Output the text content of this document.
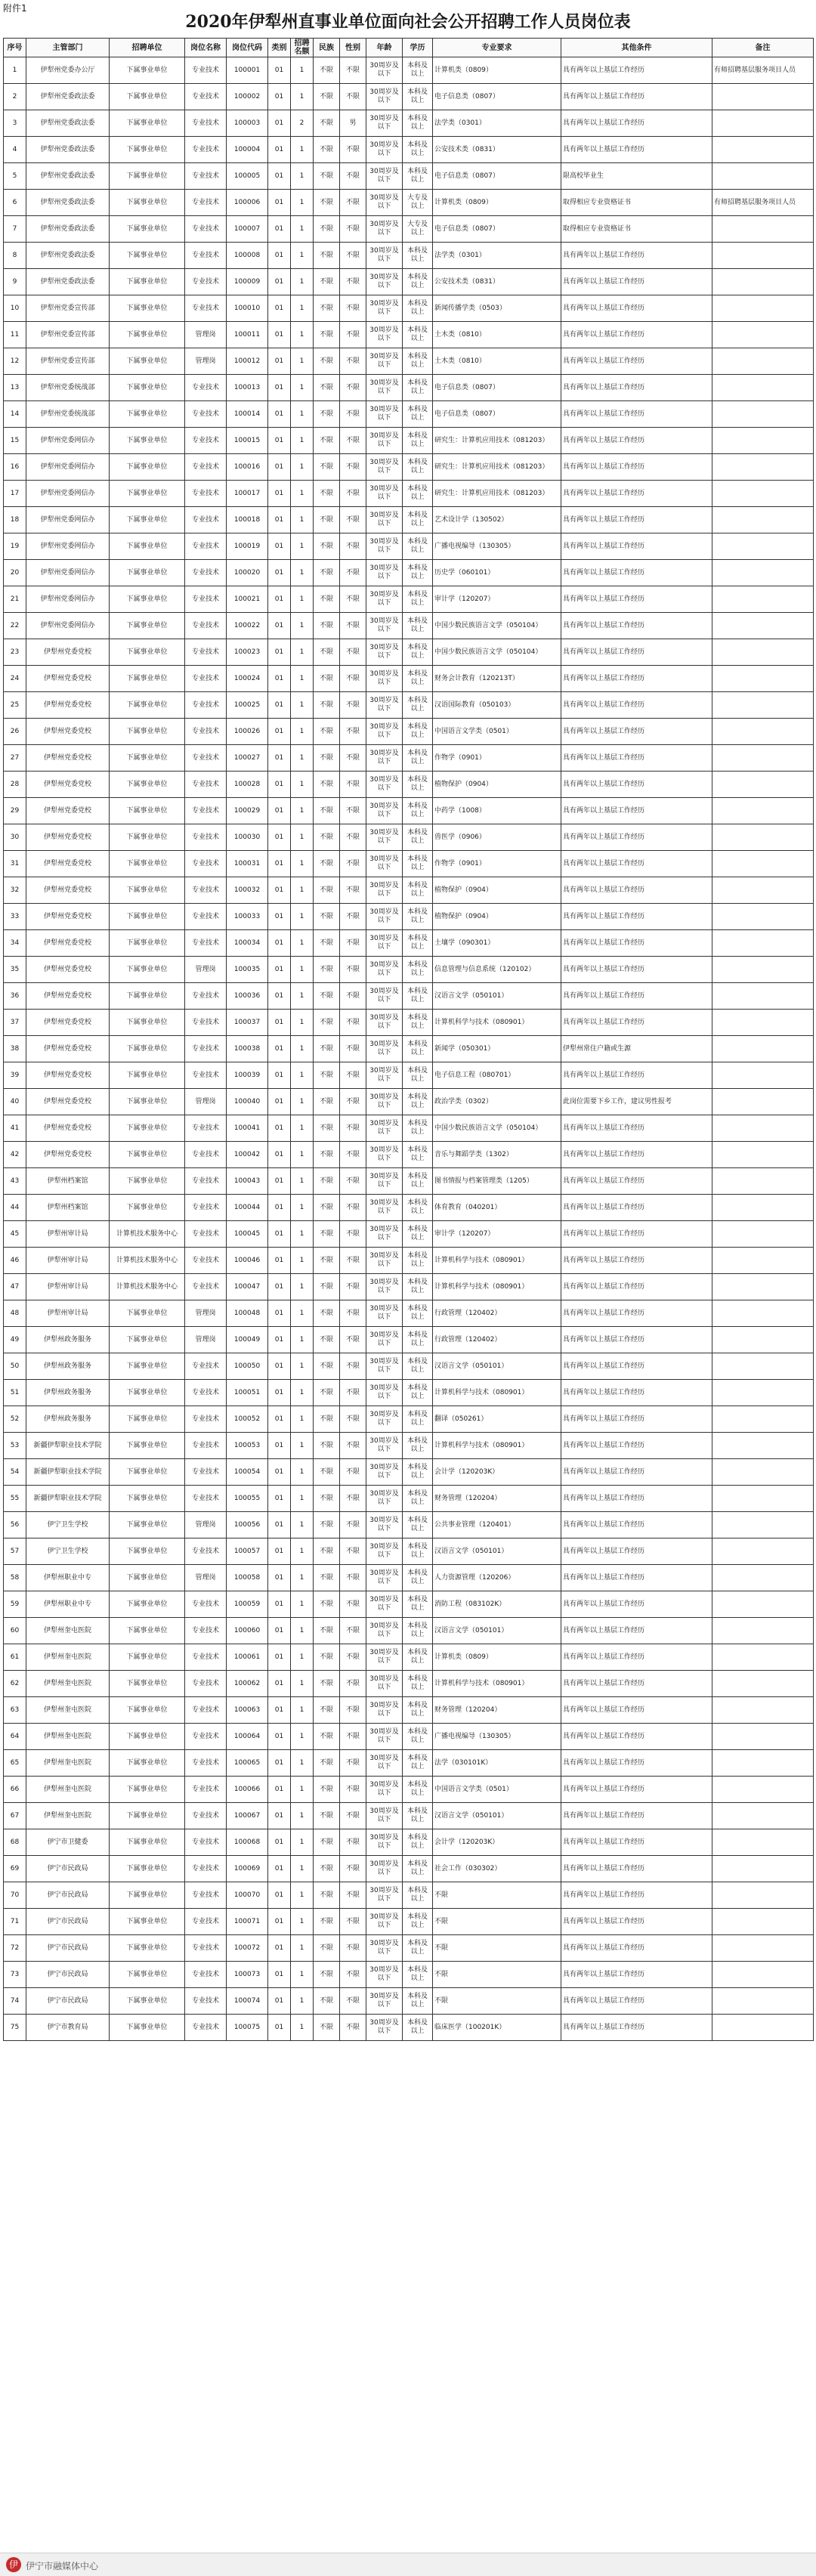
附件1
2020年伊犁州直事业单位面向社会公开招聘工作人员岗位表
序号	主管部门	招聘单位	岗位名称	岗位代码	类别	招聘名额	民族	性别	年龄	学历	专业要求	其他条件	备注
1	伊犁州党委办公厅	下属事业单位	专业技术	100001	01	1	不限	不限	30周岁及以下	本科及以上	计算机类（0809）	具有两年以上基层工作经历	有师招聘基层服务项目人员
2	伊犁州党委政法委	下属事业单位	专业技术	100002	01	1	不限	不限	30周岁及以下	本科及以上	电子信息类（0807）	具有两年以上基层工作经历	
3	伊犁州党委政法委	下属事业单位	专业技术	100003	01	2	不限	男	30周岁及以下	本科及以上	法学类（0301）	具有两年以上基层工作经历	
4	伊犁州党委政法委	下属事业单位	专业技术	100004	01	1	不限	不限	30周岁及以下	本科及以上	公安技术类（0831）	具有两年以上基层工作经历	
5	伊犁州党委政法委	下属事业单位	专业技术	100005	01	1	不限	不限	30周岁及以下	本科及以上	电子信息类（0807）	限高校毕业生	
6	伊犁州党委政法委	下属事业单位	专业技术	100006	01	1	不限	不限	30周岁及以下	大专及以上	计算机类（0809）	取得相应专业资格证书	有师招聘基层服务项目人员
7	伊犁州党委政法委	下属事业单位	专业技术	100007	01	1	不限	不限	30周岁及以下	大专及以上	电子信息类（0807）	取得相应专业资格证书	
8	伊犁州党委政法委	下属事业单位	专业技术	100008	01	1	不限	不限	30周岁及以下	本科及以上	法学类（0301）	具有两年以上基层工作经历	
9	伊犁州党委政法委	下属事业单位	专业技术	100009	01	1	不限	不限	30周岁及以下	本科及以上	公安技术类（0831）	具有两年以上基层工作经历	
10	伊犁州党委宣传部	下属事业单位	专业技术	100010	01	1	不限	不限	30周岁及以下	本科及以上	新闻传播学类（0503）	具有两年以上基层工作经历	
11	伊犁州党委宣传部	下属事业单位	管理岗	100011	01	1	不限	不限	30周岁及以下	本科及以上	土木类（0810）	具有两年以上基层工作经历	
12	伊犁州党委宣传部	下属事业单位	管理岗	100012	01	1	不限	不限	30周岁及以下	本科及以上	土木类（0810）	具有两年以上基层工作经历	
13	伊犁州党委统战部	下属事业单位	专业技术	100013	01	1	不限	不限	30周岁及以下	本科及以上	电子信息类（0807）	具有两年以上基层工作经历	
14	伊犁州党委统战部	下属事业单位	专业技术	100014	01	1	不限	不限	30周岁及以下	本科及以上	电子信息类（0807）	具有两年以上基层工作经历	
15	伊犁州党委网信办	下属事业单位	专业技术	100015	01	1	不限	不限	30周岁及以下	本科及以上	研究生：计算机应用技术（081203）	具有两年以上基层工作经历	
16	伊犁州党委网信办	下属事业单位	专业技术	100016	01	1	不限	不限	30周岁及以下	本科及以上	研究生：计算机应用技术（081203）	具有两年以上基层工作经历	
17	伊犁州党委网信办	下属事业单位	专业技术	100017	01	1	不限	不限	30周岁及以下	本科及以上	研究生：计算机应用技术（081203）	具有两年以上基层工作经历	
18	伊犁州党委网信办	下属事业单位	专业技术	100018	01	1	不限	不限	30周岁及以下	本科及以上	艺术设计学（130502）	具有两年以上基层工作经历	
19	伊犁州党委网信办	下属事业单位	专业技术	100019	01	1	不限	不限	30周岁及以下	本科及以上	广播电视编导（130305）	具有两年以上基层工作经历	
20	伊犁州党委网信办	下属事业单位	专业技术	100020	01	1	不限	不限	30周岁及以下	本科及以上	历史学（060101）	具有两年以上基层工作经历	
21	伊犁州党委网信办	下属事业单位	专业技术	100021	01	1	不限	不限	30周岁及以下	本科及以上	审计学（120207）	具有两年以上基层工作经历	
22	伊犁州党委网信办	下属事业单位	专业技术	100022	01	1	不限	不限	30周岁及以下	本科及以上	中国少数民族语言文学（050104）	具有两年以上基层工作经历	
23	伊犁州党委党校	下属事业单位	专业技术	100023	01	1	不限	不限	30周岁及以下	本科及以上	中国少数民族语言文学（050104）	具有两年以上基层工作经历	
24	伊犁州党委党校	下属事业单位	专业技术	100024	01	1	不限	不限	30周岁及以下	本科及以上	财务会计教育（120213T）	具有两年以上基层工作经历	
25	伊犁州党委党校	下属事业单位	专业技术	100025	01	1	不限	不限	30周岁及以下	本科及以上	汉语国际教育（050103）	具有两年以上基层工作经历	
26	伊犁州党委党校	下属事业单位	专业技术	100026	01	1	不限	不限	30周岁及以下	本科及以上	中国语言文学类（0501）	具有两年以上基层工作经历	
27	伊犁州党委党校	下属事业单位	专业技术	100027	01	1	不限	不限	30周岁及以下	本科及以上	作物学（0901）	具有两年以上基层工作经历	
28	伊犁州党委党校	下属事业单位	专业技术	100028	01	1	不限	不限	30周岁及以下	本科及以上	植物保护（0904）	具有两年以上基层工作经历	
29	伊犁州党委党校	下属事业单位	专业技术	100029	01	1	不限	不限	30周岁及以下	本科及以上	中药学（1008）	具有两年以上基层工作经历	
30	伊犁州党委党校	下属事业单位	专业技术	100030	01	1	不限	不限	30周岁及以下	本科及以上	兽医学（0906）	具有两年以上基层工作经历	
31	伊犁州党委党校	下属事业单位	专业技术	100031	01	1	不限	不限	30周岁及以下	本科及以上	作物学（0901）	具有两年以上基层工作经历	
32	伊犁州党委党校	下属事业单位	专业技术	100032	01	1	不限	不限	30周岁及以下	本科及以上	植物保护（0904）	具有两年以上基层工作经历	
33	伊犁州党委党校	下属事业单位	专业技术	100033	01	1	不限	不限	30周岁及以下	本科及以上	植物保护（0904）	具有两年以上基层工作经历	
34	伊犁州党委党校	下属事业单位	专业技术	100034	01	1	不限	不限	30周岁及以下	本科及以上	土壤学（090301）	具有两年以上基层工作经历	
35	伊犁州党委党校	下属事业单位	管理岗	100035	01	1	不限	不限	30周岁及以下	本科及以上	信息管理与信息系统（120102）	具有两年以上基层工作经历	
36	伊犁州党委党校	下属事业单位	专业技术	100036	01	1	不限	不限	30周岁及以下	本科及以上	汉语言文学（050101）	具有两年以上基层工作经历	
37	伊犁州党委党校	下属事业单位	专业技术	100037	01	1	不限	不限	30周岁及以下	本科及以上	计算机科学与技术（080901）	具有两年以上基层工作经历	
38	伊犁州党委党校	下属事业单位	专业技术	100038	01	1	不限	不限	30周岁及以下	本科及以上	新闻学（050301）	伊犁州常住户籍或生源	
39	伊犁州党委党校	下属事业单位	专业技术	100039	01	1	不限	不限	30周岁及以下	本科及以上	电子信息工程（080701）	具有两年以上基层工作经历	
40	伊犁州党委党校	下属事业单位	管理岗	100040	01	1	不限	不限	30周岁及以下	本科及以上	政治学类（0302）	此岗位需要下乡工作，建议男性报考	
41	伊犁州党委党校	下属事业单位	专业技术	100041	01	1	不限	不限	30周岁及以下	本科及以上	中国少数民族语言文学（050104）	具有两年以上基层工作经历	
42	伊犁州党委党校	下属事业单位	专业技术	100042	01	1	不限	不限	30周岁及以下	本科及以上	音乐与舞蹈学类（1302）	具有两年以上基层工作经历	
43	伊犁州档案馆	下属事业单位	专业技术	100043	01	1	不限	不限	30周岁及以下	本科及以上	图书情报与档案管理类（1205）	具有两年以上基层工作经历	
44	伊犁州档案馆	下属事业单位	专业技术	100044	01	1	不限	不限	30周岁及以下	本科及以上	体育教育（040201）	具有两年以上基层工作经历	
45	伊犁州审计局	计算机技术服务中心	专业技术	100045	01	1	不限	不限	30周岁及以下	本科及以上	审计学（120207）	具有两年以上基层工作经历	
46	伊犁州审计局	计算机技术服务中心	专业技术	100046	01	1	不限	不限	30周岁及以下	本科及以上	计算机科学与技术（080901）	具有两年以上基层工作经历	
47	伊犁州审计局	计算机技术服务中心	专业技术	100047	01	1	不限	不限	30周岁及以下	本科及以上	计算机科学与技术（080901）	具有两年以上基层工作经历	
48	伊犁州审计局	下属事业单位	管理岗	100048	01	1	不限	不限	30周岁及以下	本科及以上	行政管理（120402）	具有两年以上基层工作经历	
49	伊犁州政务服务	下属事业单位	管理岗	100049	01	1	不限	不限	30周岁及以下	本科及以上	行政管理（120402）	具有两年以上基层工作经历	
50	伊犁州政务服务	下属事业单位	专业技术	100050	01	1	不限	不限	30周岁及以下	本科及以上	汉语言文学（050101）	具有两年以上基层工作经历	
51	伊犁州政务服务	下属事业单位	专业技术	100051	01	1	不限	不限	30周岁及以下	本科及以上	计算机科学与技术（080901）	具有两年以上基层工作经历	
52	伊犁州政务服务	下属事业单位	专业技术	100052	01	1	不限	不限	30周岁及以下	本科及以上	翻译（050261）	具有两年以上基层工作经历	
53	新疆伊犁职业技术学院	下属事业单位	专业技术	100053	01	1	不限	不限	30周岁及以下	本科及以上	计算机科学与技术（080901）	具有两年以上基层工作经历	
54	新疆伊犁职业技术学院	下属事业单位	专业技术	100054	01	1	不限	不限	30周岁及以下	本科及以上	会计学（120203K）	具有两年以上基层工作经历	
55	新疆伊犁职业技术学院	下属事业单位	专业技术	100055	01	1	不限	不限	30周岁及以下	本科及以上	财务管理（120204）	具有两年以上基层工作经历	
56	伊宁卫生学校	下属事业单位	管理岗	100056	01	1	不限	不限	30周岁及以下	本科及以上	公共事业管理（120401）	具有两年以上基层工作经历	
57	伊宁卫生学校	下属事业单位	专业技术	100057	01	1	不限	不限	30周岁及以下	本科及以上	汉语言文学（050101）	具有两年以上基层工作经历	
58	伊犁州职业中专	下属事业单位	管理岗	100058	01	1	不限	不限	30周岁及以下	本科及以上	人力资源管理（120206）	具有两年以上基层工作经历	
59	伊犁州职业中专	下属事业单位	专业技术	100059	01	1	不限	不限	30周岁及以下	本科及以上	消防工程（083102K）	具有两年以上基层工作经历	
60	伊犁州奎屯医院	下属事业单位	专业技术	100060	01	1	不限	不限	30周岁及以下	本科及以上	汉语言文学（050101）	具有两年以上基层工作经历	
61	伊犁州奎屯医院	下属事业单位	专业技术	100061	01	1	不限	不限	30周岁及以下	本科及以上	计算机类（0809）	具有两年以上基层工作经历	
62	伊犁州奎屯医院	下属事业单位	专业技术	100062	01	1	不限	不限	30周岁及以下	本科及以上	计算机科学与技术（080901）	具有两年以上基层工作经历	
63	伊犁州奎屯医院	下属事业单位	专业技术	100063	01	1	不限	不限	30周岁及以下	本科及以上	财务管理（120204）	具有两年以上基层工作经历	
64	伊犁州奎屯医院	下属事业单位	专业技术	100064	01	1	不限	不限	30周岁及以下	本科及以上	广播电视编导（130305）	具有两年以上基层工作经历	
65	伊犁州奎屯医院	下属事业单位	专业技术	100065	01	1	不限	不限	30周岁及以下	本科及以上	法学（030101K）	具有两年以上基层工作经历	
66	伊犁州奎屯医院	下属事业单位	专业技术	100066	01	1	不限	不限	30周岁及以下	本科及以上	中国语言文学类（0501）	具有两年以上基层工作经历	
67	伊犁州奎屯医院	下属事业单位	专业技术	100067	01	1	不限	不限	30周岁及以下	本科及以上	汉语言文学（050101）	具有两年以上基层工作经历	
68	伊宁市卫健委	下属事业单位	专业技术	100068	01	1	不限	不限	30周岁及以下	本科及以上	会计学（120203K）	具有两年以上基层工作经历	
69	伊宁市民政局	下属事业单位	专业技术	100069	01	1	不限	不限	30周岁及以下	本科及以上	社会工作（030302）	具有两年以上基层工作经历	
70	伊宁市民政局	下属事业单位	专业技术	100070	01	1	不限	不限	30周岁及以下	本科及以上	不限	具有两年以上基层工作经历	
71	伊宁市民政局	下属事业单位	专业技术	100071	01	1	不限	不限	30周岁及以下	本科及以上	不限	具有两年以上基层工作经历	
72	伊宁市民政局	下属事业单位	专业技术	100072	01	1	不限	不限	30周岁及以下	本科及以上	不限	具有两年以上基层工作经历	
73	伊宁市民政局	下属事业单位	专业技术	100073	01	1	不限	不限	30周岁及以下	本科及以上	不限	具有两年以上基层工作经历	
74	伊宁市民政局	下属事业单位	专业技术	100074	01	1	不限	不限	30周岁及以下	本科及以上	不限	具有两年以上基层工作经历	
75	伊宁市教育局	下属事业单位	专业技术	100075	01	1	不限	不限	30周岁及以下	本科及以上	临床医学（100201K）	具有两年以上基层工作经历	
伊 伊宁市融媒体中心
